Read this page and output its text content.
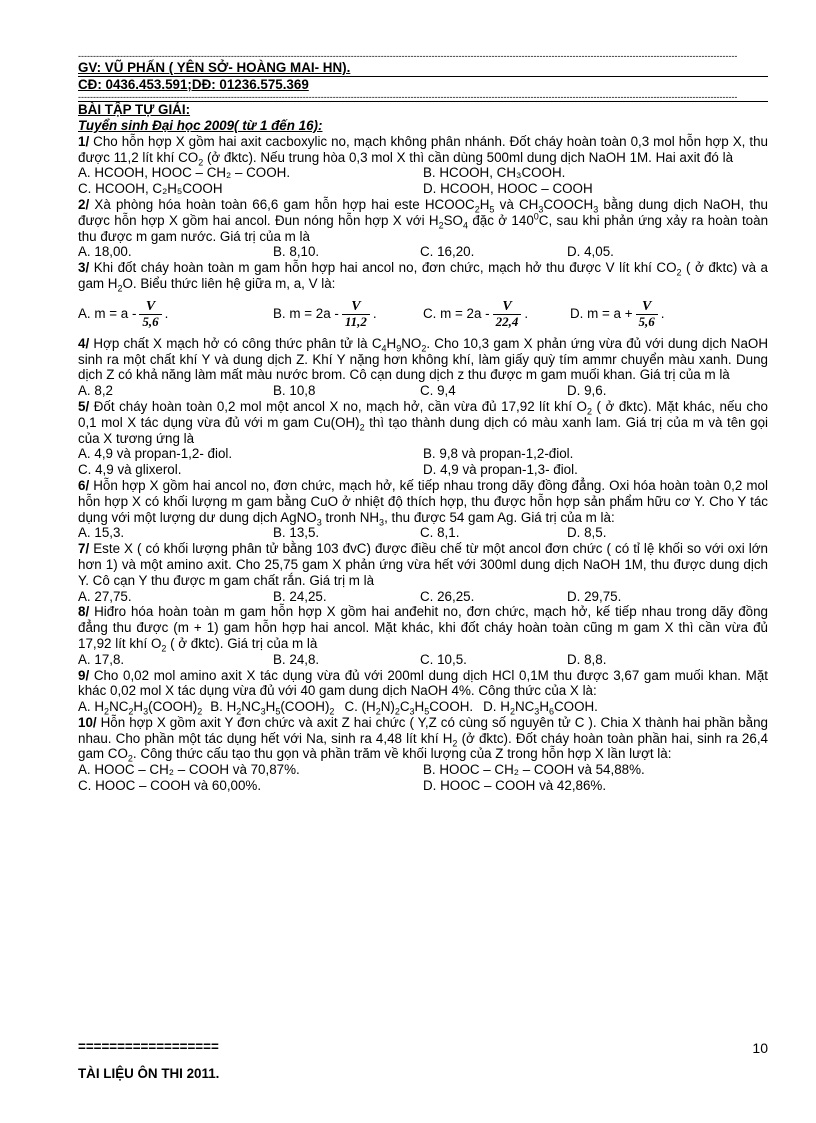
----------------------------------------------------------------------------------------------------------------------------------------------------------------------------------------------------------------------------
GV: VŨ PHẤN ( YÊN SỞ- HOÀNG MAI- HN).
CĐ: 0436.453.591;DĐ: 01236.575.369
----------------------------------------------------------------------------------------------------------------------------------------------------------------------------------------------------------------------------
BÀI TẬP TỰ GIẢI:
Tuyển sinh Đại học 2009( từ 1 đến 16):
1/ Cho hỗn hợp X gồm hai axit cacboxylic no, mạch không phân nhánh. Đốt cháy hoàn toàn 0,3 mol hỗn hợp X, thu được 11,2 lít khí $CO_2$ (ở đktc). Nếu trung hòa 0,3 mol X thì cần dùng 500ml dung dịch NaOH 1M. Hai axit đó là
A. HCOOH, HOOC – CH₂ – COOH.	B. HCOOH, CH₃COOH.
C. HCOOH, C₂H₅COOH	D. HCOOH, HOOC – COOH
2/ Xà phòng hóa hoàn toàn 66,6 gam hỗn hợp hai este $HCOOC_2H_5$ và $CH_3COOCH_3$ bằng dung dịch NaOH, thu được hỗn hợp X gồm hai ancol. Đun nóng hỗn hợp X với $H_2SO_4$ đặc ở $140^0C$, sau khi phản ứng xảy ra hoàn toàn thu được m gam nước. Giá trị của m là
A. 18,00.	B. 8,10.	C. 16,20.	D. 4,05.
3/ Khi đốt cháy hoàn toàn m gam hỗn hợp hai ancol no, đơn chức, mạch hở thu được V lít khí $CO_2$ ( ở đktc) và a gam $H_2O$. Biểu thức liên hệ giữa m, a, V là:
A. $m = a - \frac{V}{5,6}$ .	B. $m = 2a - \frac{V}{11,2}$ .	C. $m = 2a - \frac{V}{22,4}$ .	D. $m = a + \frac{V}{5,6}$ .
4/ Hợp chất X mạch hở có công thức phân tử là $C_4H_9NO_2$. Cho 10,3 gam X phản ứng vừa đủ với dung dịch NaOH sinh ra một chất khí Y và dung dịch Z. Khí Y nặng hơn không khí, làm giấy quỳ tím ammr chuyển màu xanh. Dung dịch Z có khả năng làm mất màu nước brom. Cô cạn dung dịch z thu được m gam muối khan. Giá trị của m là
A. 8,2	B. 10,8	C. 9,4	D. 9,6.
5/ Đốt cháy hoàn toàn 0,2 mol một ancol X no, mạch hở, cần vừa đủ 17,92 lít khí $O_2$ ( ở đktc). Mặt khác, nếu cho 0,1 mol X tác dụng vừa đủ với m gam $Cu(OH)_2$ thì tạo thành dung dịch có màu xanh lam. Giá trị của m và tên gọi của X tương ứng là
A. 4,9 và propan-1,2- điol.	B. 9,8 và propan-1,2-điol.
C. 4,9 và glixerol.	D. 4,9 và propan-1,3- điol.
6/ Hỗn hợp X gồm hai ancol no, đơn chức, mạch hở, kế tiếp nhau trong dãy đồng đẳng. Oxi hóa hoàn toàn 0,2 mol hỗn hợp X có khối lượng m gam bằng CuO ở nhiệt độ thích hợp, thu được hỗn hợp sản phẩm hữu cơ Y. Cho Y tác dụng với một lượng dư dung dịch AgNO$_3$ tronh $NH_3$, thu được 54 gam Ag. Giá trị của m là:
A. 15,3.	B. 13,5.	C. 8,1.	D. 8,5.
7/ Este X ( có khối lượng phân tử bằng 103 đvC) được điều chế từ một ancol đơn chức ( có tỉ lệ khối so với oxi lớn hơn 1) và một amino axit. Cho 25,75 gam X phản ứng vừa hết với 300ml dung dịch NaOH 1M, thu được dung dịch Y. Cô cạn Y thu được m gam chất rắn. Giá trị m là
A. 27,75.	B. 24,25.	C. 26,25.	D. 29,75.
8/ Hiđro hóa hoàn toàn m gam hỗn hợp X gồm hai anđehit no, đơn chức, mạch hở, kế tiếp nhau trong dãy đồng đẳng thu được (m + 1) gam hỗn hợp hai ancol. Mặt khác, khi đốt cháy hoàn toàn cũng m gam X thì cần vừa đủ 17,92 lít khí $O_2$ ( ở đktc). Giá trị của m là
A. 17,8.	B. 24,8.	C. 10,5.	D. 8,8.
9/ Cho 0,02 mol amino axit X tác dụng vừa đủ với 200ml dung dịch HCl 0,1M thu được 3,67 gam muối khan. Mặt khác 0,02 mol X tác dụng vừa đủ với 40 gam dung dịch NaOH 4%. Công thức của X là:
A. $H_2NC_2H_3(COOH)_2$ B. $H_2NC_3H_5(COOH)_2$ C. $(H_2N)_2C_3H_5COOH$. D. $H_2NC_3H_6COOH$.
10/ Hỗn hợp X gồm axit Y đơn chức và axit Z hai chức ( Y,Z có cùng số nguyên tử C ). Chia X thành hai phần bằng nhau. Cho phần một tác dụng hết với Na, sinh ra 4,48 lít khí $H_2$ (ở đktc). Đốt cháy hoàn toàn phần hai, sinh ra 26,4 gam $CO_2$. Công thức cấu tạo thu gọn và phần trăm về khối lượng của Z trong hỗn hợp X lần lượt là:
A. HOOC – CH₂ – COOH và 70,87%.	B. HOOC – CH₂ – COOH và 54,88%.
C. HOOC – COOH và 60,00%.	D. HOOC – COOH và 42,86%.
==================	10
TÀI LIỆU ÔN THI 2011.
